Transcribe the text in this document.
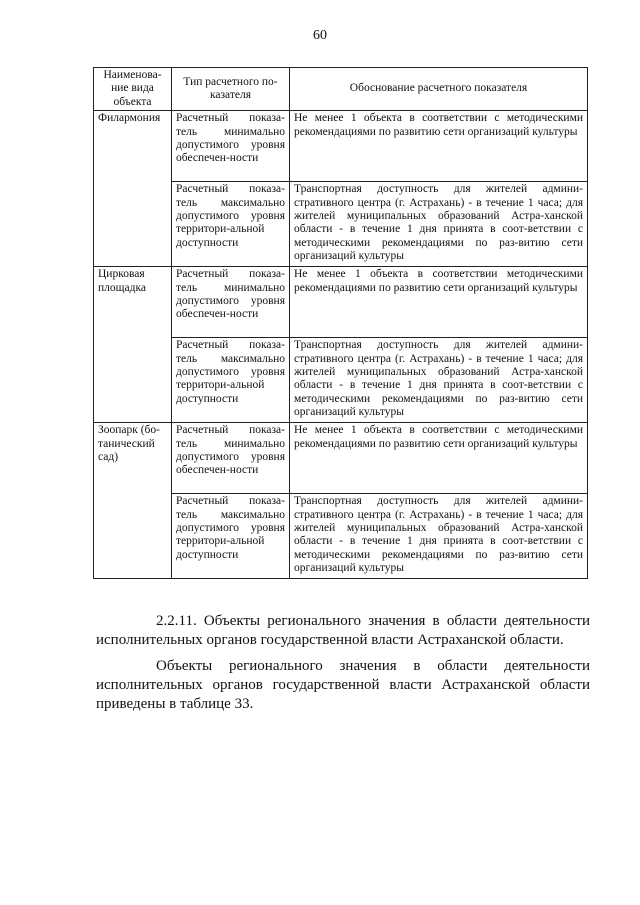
60
Наименова-ние вида объекта	Тип расчетного по-казателя	Обоснование расчетного показателя
Филармония	Расчетный показа-тель минимально допустимого уровня обеспечен-ности	Не менее 1 объекта в соответствии с методическими рекомендациями по развитию сети организаций культуры
	Расчетный показа-тель максимально допустимого уровня территори-альной доступности	Транспортная доступность для жителей админи-стративного центра (г. Астрахань) - в течение 1 часа; для жителей муниципальных образований Астра-ханской области - в течение 1 дня принята в соот-ветствии с методическими рекомендациями по раз-витию сети организаций культуры
Цирковая площадка	Расчетный показа-тель минимально допустимого уровня обеспечен-ности	Не менее 1 объекта в соответствии методическими рекомендациями по развитию сети организаций культуры
	Расчетный показа-тель максимально допустимого уровня территори-альной доступности	Транспортная доступность для жителей админи-стративного центра (г. Астрахань) - в течение 1 часа; для жителей муниципальных образований Астра-ханской области - в течение 1 дня принята в соот-ветствии с методическими рекомендациями по раз-витию сети организаций культуры
Зоопарк (бо-танический сад)	Расчетный показа-тель минимально допустимого уровня обеспечен-ности	Не менее 1 объекта в соответствии с методическими рекомендациями по развитию сети организаций культуры
	Расчетный показа-тель максимально допустимого уровня территори-альной доступности	Транспортная доступность для жителей админи-стративного центра (г. Астрахань) - в течение 1 часа; для жителей муниципальных образований Астра-ханской области - в течение 1 дня принята в соот-ветствии с методическими рекомендациями по раз-витию сети организаций культуры

2.2.11. Объекты регионального значения в области деятельности исполнительных органов государственной власти Астраханской области.

Объекты регионального значения в области деятельности исполнительных органов государственной власти Астраханской области приведены в таблице 33.
